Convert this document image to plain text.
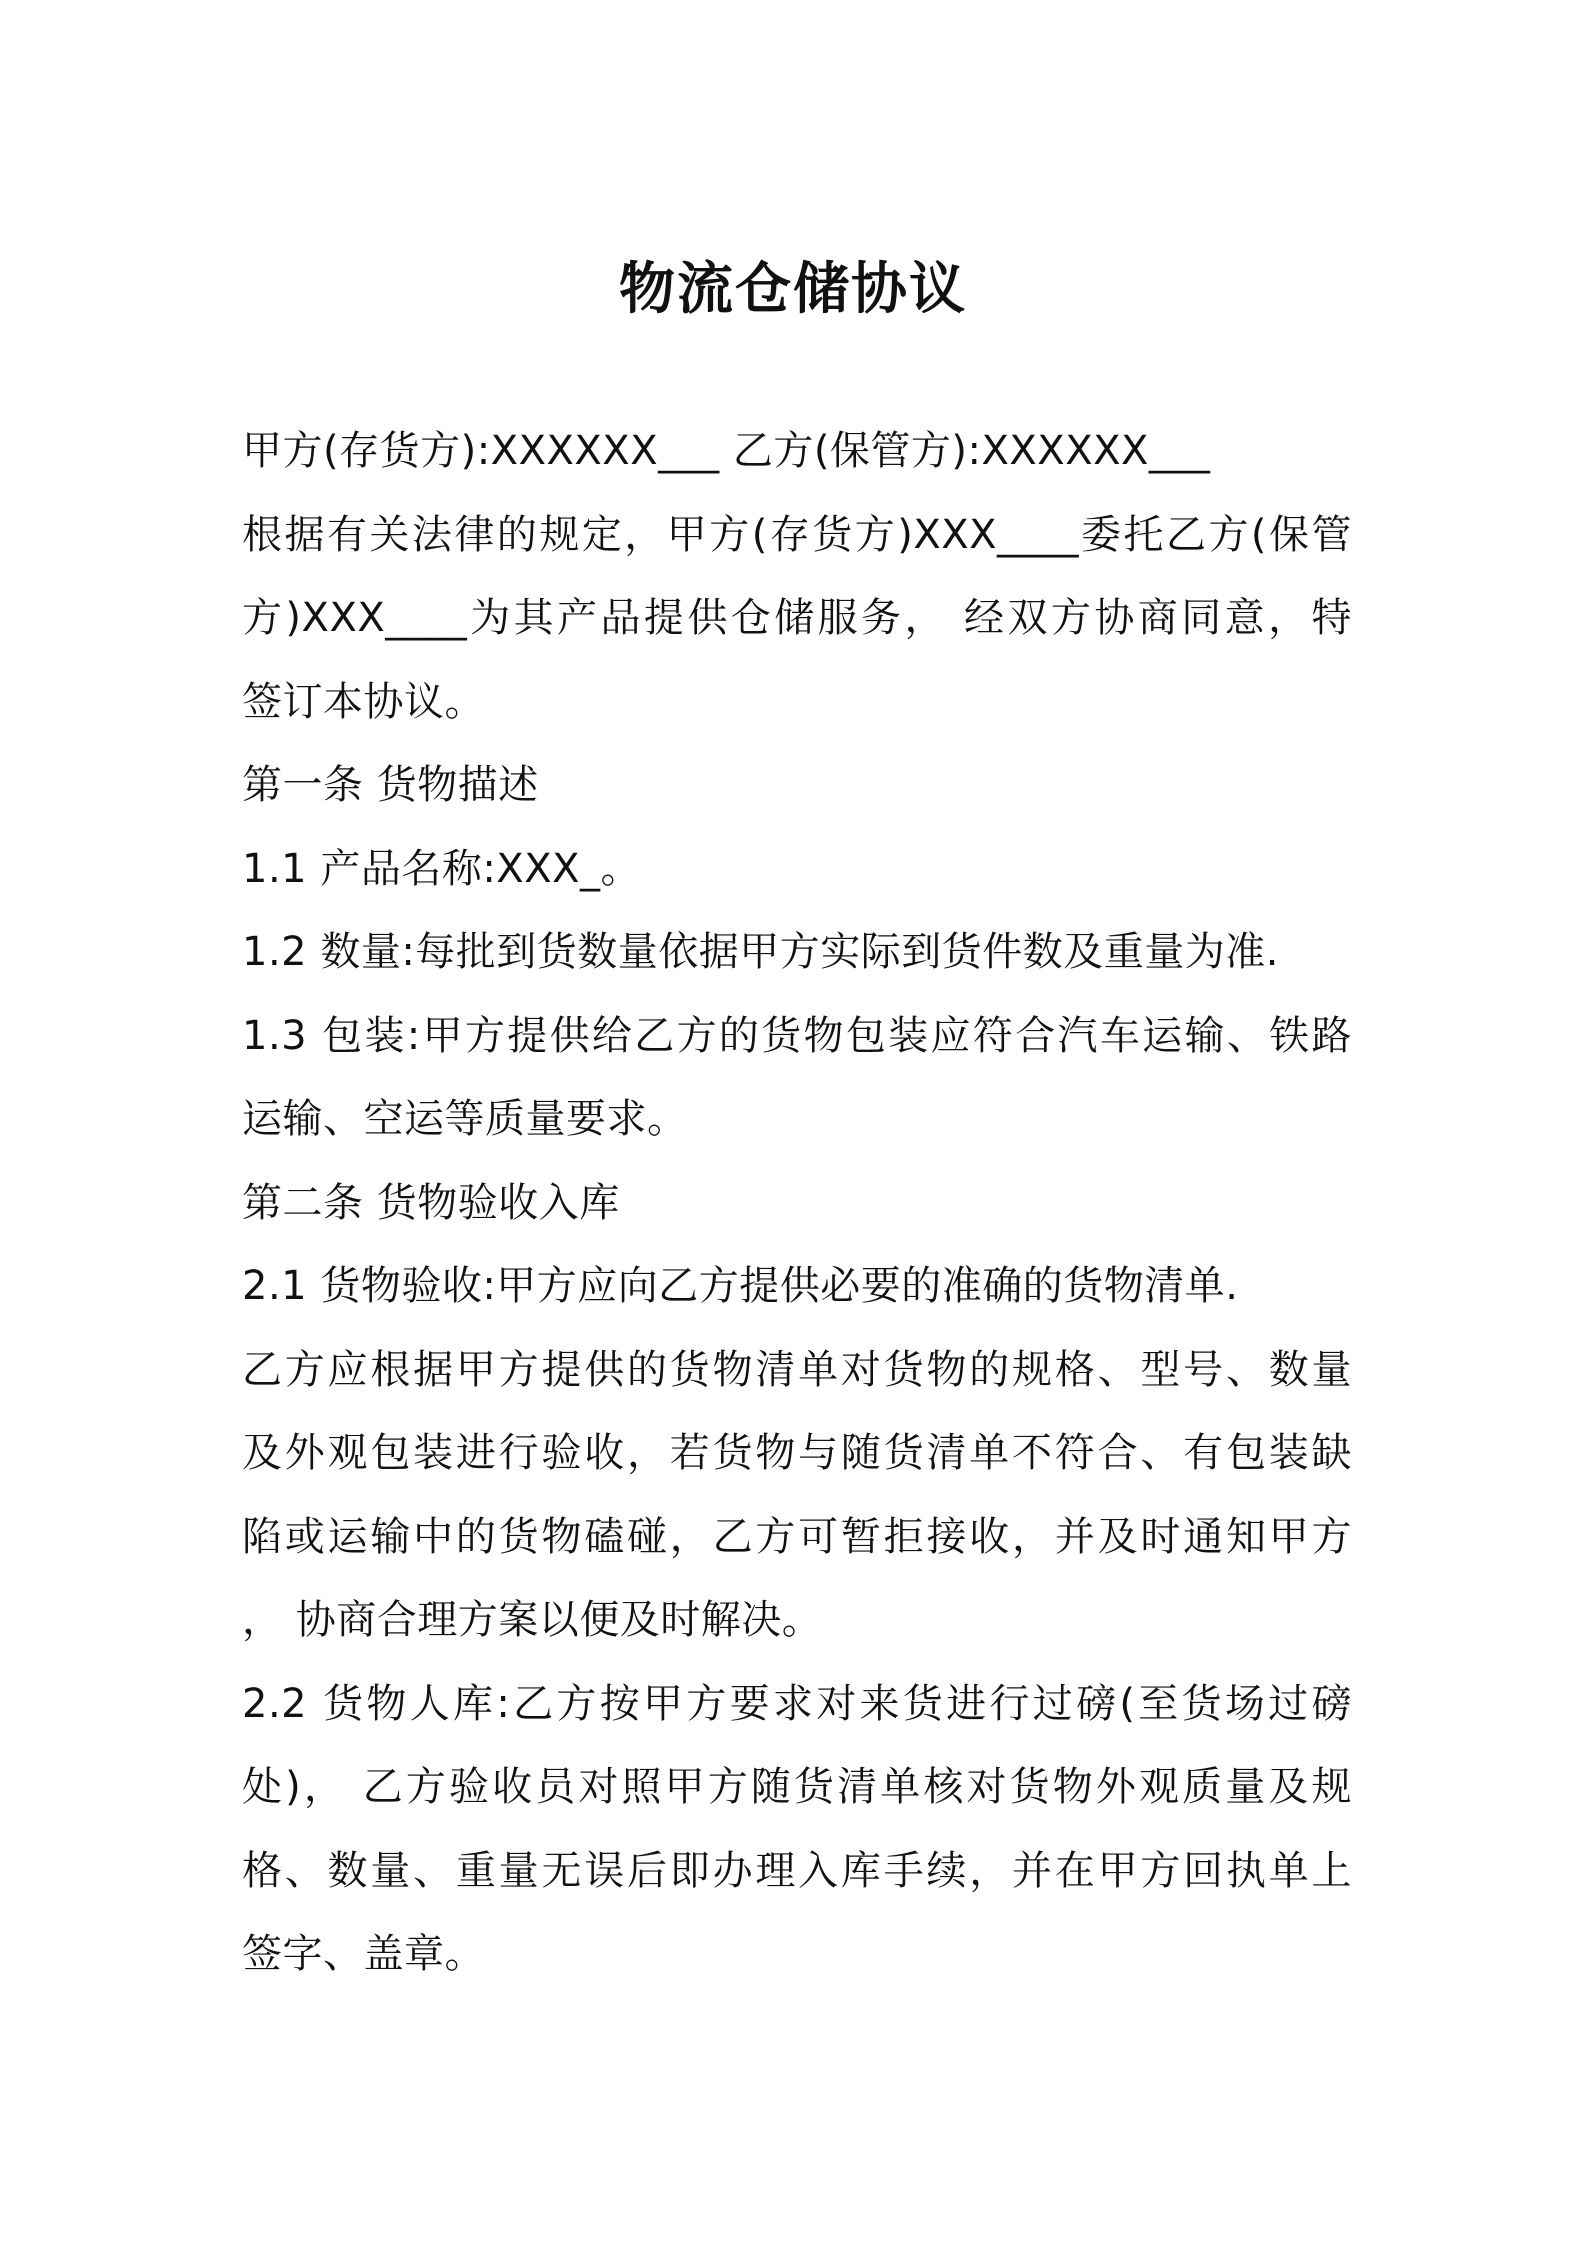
物流仓储协议
甲方(存货方):XXXXXX___ 乙方(保管方):XXXXXX___
根据有关法律的规定，甲方(存货方)XXX____委托乙方(保管
方)XXX____为其产品提供仓储服务， 经双方协商同意，特
签订本协议。
第一条 货物描述
1.1 产品名称:XXX_。
1.2 数量:每批到货数量依据甲方实际到货件数及重量为准.
1.3 包装:甲方提供给乙方的货物包装应符合汽车运输、铁路
运输、空运等质量要求。
第二条 货物验收入库
2.1 货物验收:甲方应向乙方提供必要的准确的货物清单.
乙方应根据甲方提供的货物清单对货物的规格、型号、数量
及外观包装进行验收，若货物与随货清单不符合、有包装缺
陷或运输中的货物磕碰，乙方可暂拒接收，并及时通知甲方
， 协商合理方案以便及时解决。
2.2 货物人库:乙方按甲方要求对来货进行过磅(至货场过磅
处)， 乙方验收员对照甲方随货清单核对货物外观质量及规
格、数量、重量无误后即办理入库手续，并在甲方回执单上
签字、盖章。
